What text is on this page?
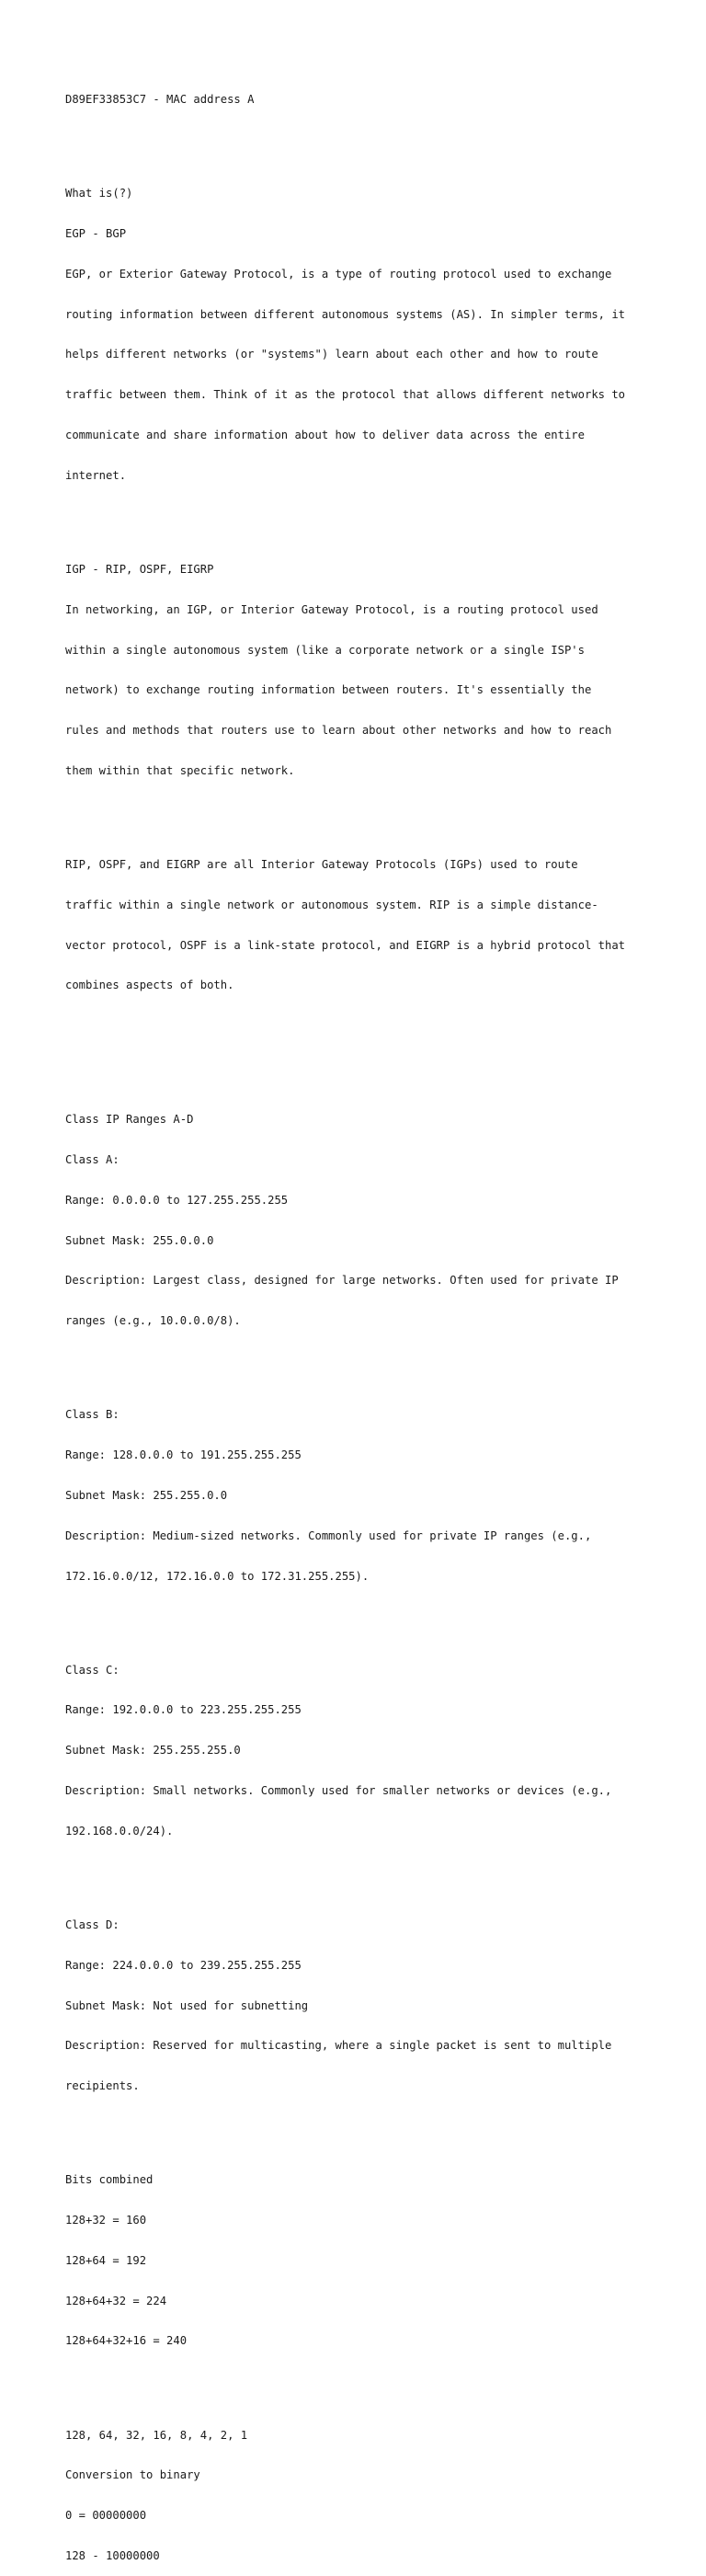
D89EF33853C7 - MAC address A

What is(?)

EGP - BGP

EGP, or Exterior Gateway Protocol, is a type of routing protocol used to exchange

routing information between different autonomous systems (AS). In simpler terms, it

helps different networks (or "systems") learn about each other and how to route

traffic between them. Think of it as the protocol that allows different networks to

communicate and share information about how to deliver data across the entire

internet.

IGP - RIP, OSPF, EIGRP

In networking, an IGP, or Interior Gateway Protocol, is a routing protocol used

within a single autonomous system (like a corporate network or a single ISP's

network) to exchange routing information between routers. It's essentially the

rules and methods that routers use to learn about other networks and how to reach

them within that specific network.

RIP, OSPF, and EIGRP are all Interior Gateway Protocols (IGPs) used to route

traffic within a single network or autonomous system. RIP is a simple distance-

vector protocol, OSPF is a link-state protocol, and EIGRP is a hybrid protocol that

combines aspects of both.

Class IP Ranges A-D

Class A:

Range: 0.0.0.0 to 127.255.255.255

Subnet Mask: 255.0.0.0

Description: Largest class, designed for large networks. Often used for private IP

ranges (e.g., 10.0.0.0/8).

Class B:

Range: 128.0.0.0 to 191.255.255.255

Subnet Mask: 255.255.0.0

Description: Medium-sized networks. Commonly used for private IP ranges (e.g.,

172.16.0.0/12, 172.16.0.0 to 172.31.255.255).

Class C:

Range: 192.0.0.0 to 223.255.255.255

Subnet Mask: 255.255.255.0

Description: Small networks. Commonly used for smaller networks or devices (e.g.,

192.168.0.0/24).

Class D:

Range: 224.0.0.0 to 239.255.255.255

Subnet Mask: Not used for subnetting

Description: Reserved for multicasting, where a single packet is sent to multiple

recipients.

Bits combined

128+32 = 160

128+64 = 192

128+64+32 = 224

128+64+32+16 = 240

128, 64, 32, 16, 8, 4, 2, 1

Conversion to binary

0 = 00000000

128 - 10000000
